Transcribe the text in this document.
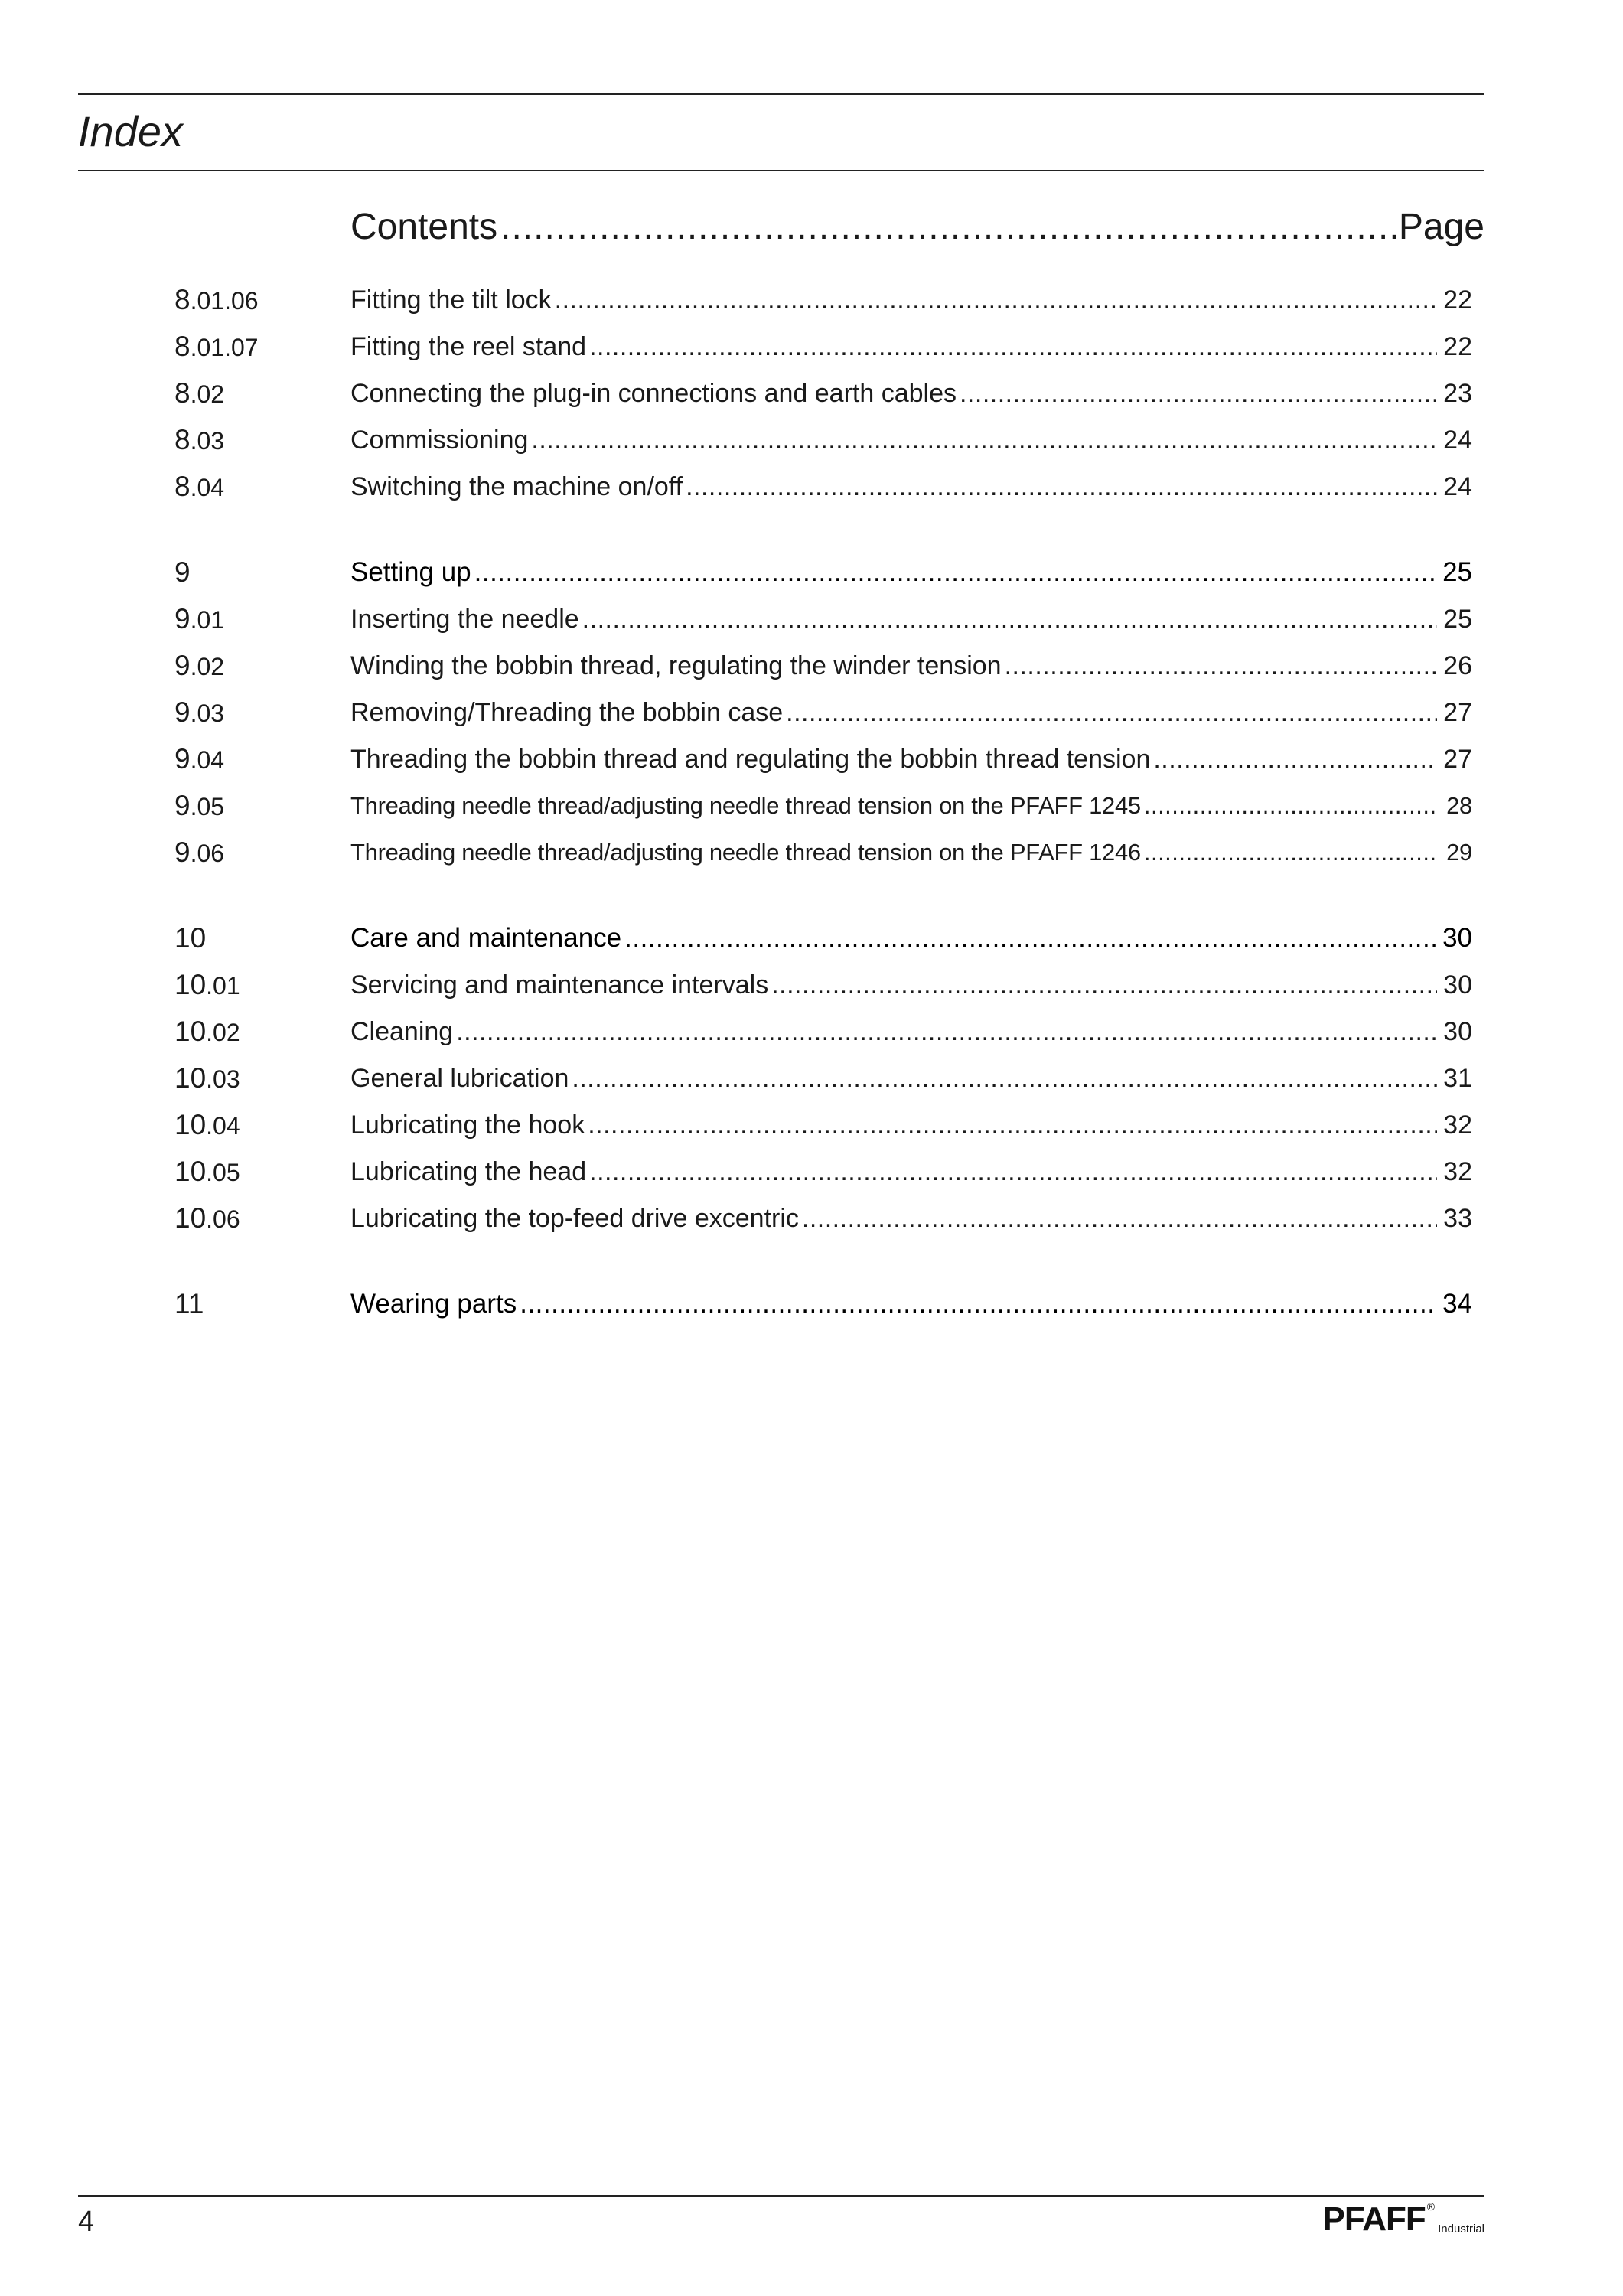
Index
Contents .....	Page
8.01.06	Fitting the tilt lock .....	22
8.01.07	Fitting the reel stand .....	22
8.02	Connecting the plug-in connections and earth cables .....	23
8.03	Commissioning .....	24
8.04	Switching the machine on/off .....	24
9	Setting up .....	25
9.01	Inserting the needle .....	25
9.02	Winding the bobbin thread, regulating the winder tension .....	26
9.03	Removing/Threading the bobbin case .....	27
9.04	Threading the bobbin thread and regulating the bobbin thread tension .....	27
9.05	Threading needle thread/adjusting needle thread tension on the PFAFF 1245 .....	28
9.06	Threading needle thread/adjusting needle thread tension on the PFAFF 1246 .....	29
10	Care and maintenance .....	30
10.01	Servicing and maintenance intervals .....	30
10.02	Cleaning .....	30
10.03	General lubrication .....	31
10.04	Lubricating the hook .....	32
10.05	Lubricating the head .....	32
10.06	Lubricating the top-feed drive excentric .....	33
11	Wearing parts .....	34
4	PFAFF ®
Industrial
